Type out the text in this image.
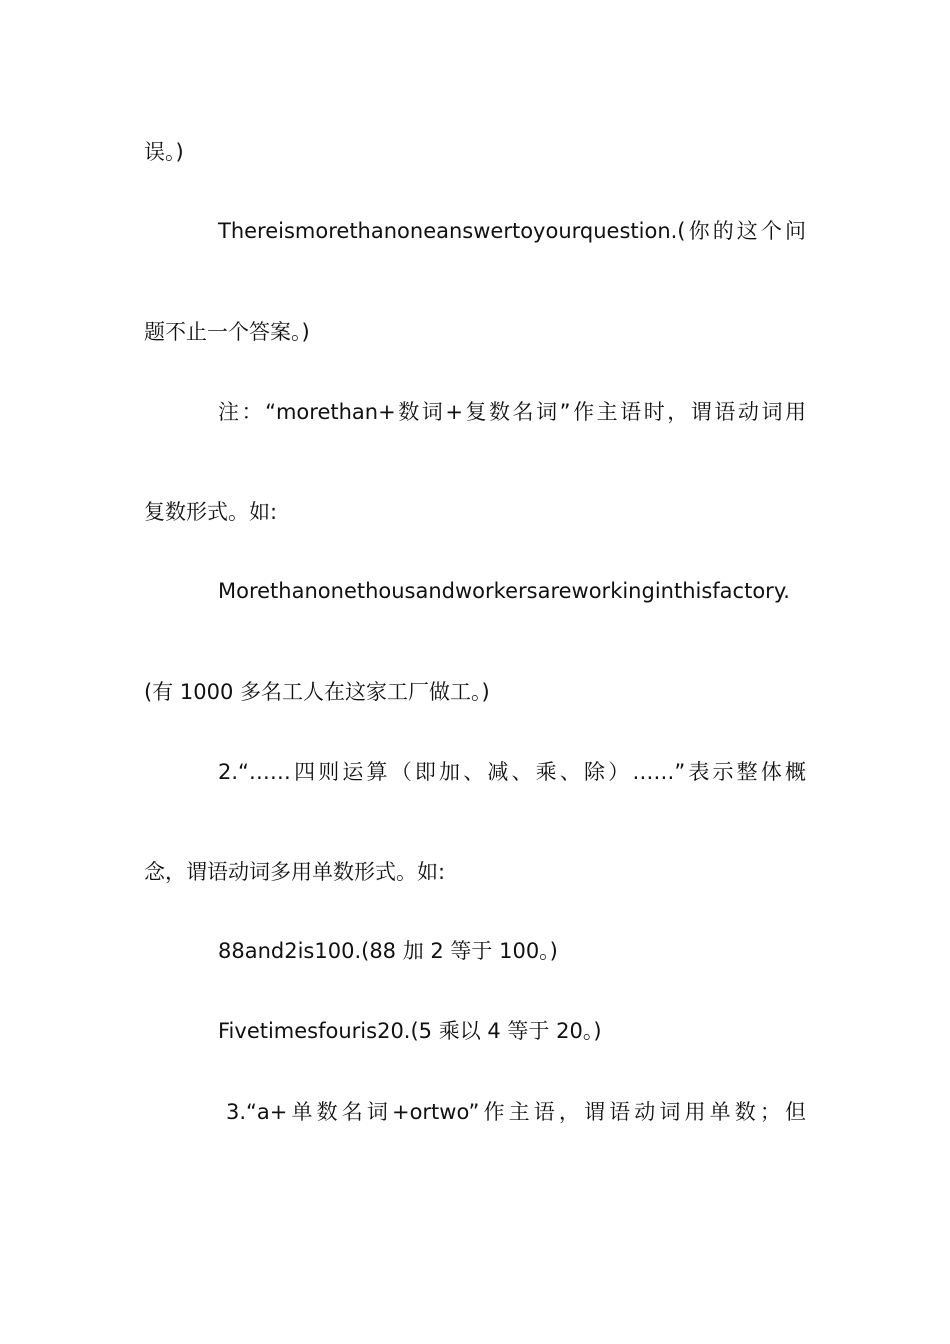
误。)
Thereismorethanoneanswertoyourquestion.(你的这个问
题不止一个答案。)
注：“morethan+数词+复数名词”作主语时，谓语动词用
复数形式。如:
Morethanonethousandworkersareworkinginthisfactory.
(有 1000 多名工人在这家工厂做工。)
2.“……四则运算（即加、减、乘、除）……”表示整体概
念，谓语动词多用单数形式。如:
88and2is100.(88 加 2 等于 100。)
Fivetimesfouris20.(5 乘以 4 等于 20。)
3.“a+单数名词+ortwo”作主语，谓语动词用单数；但
